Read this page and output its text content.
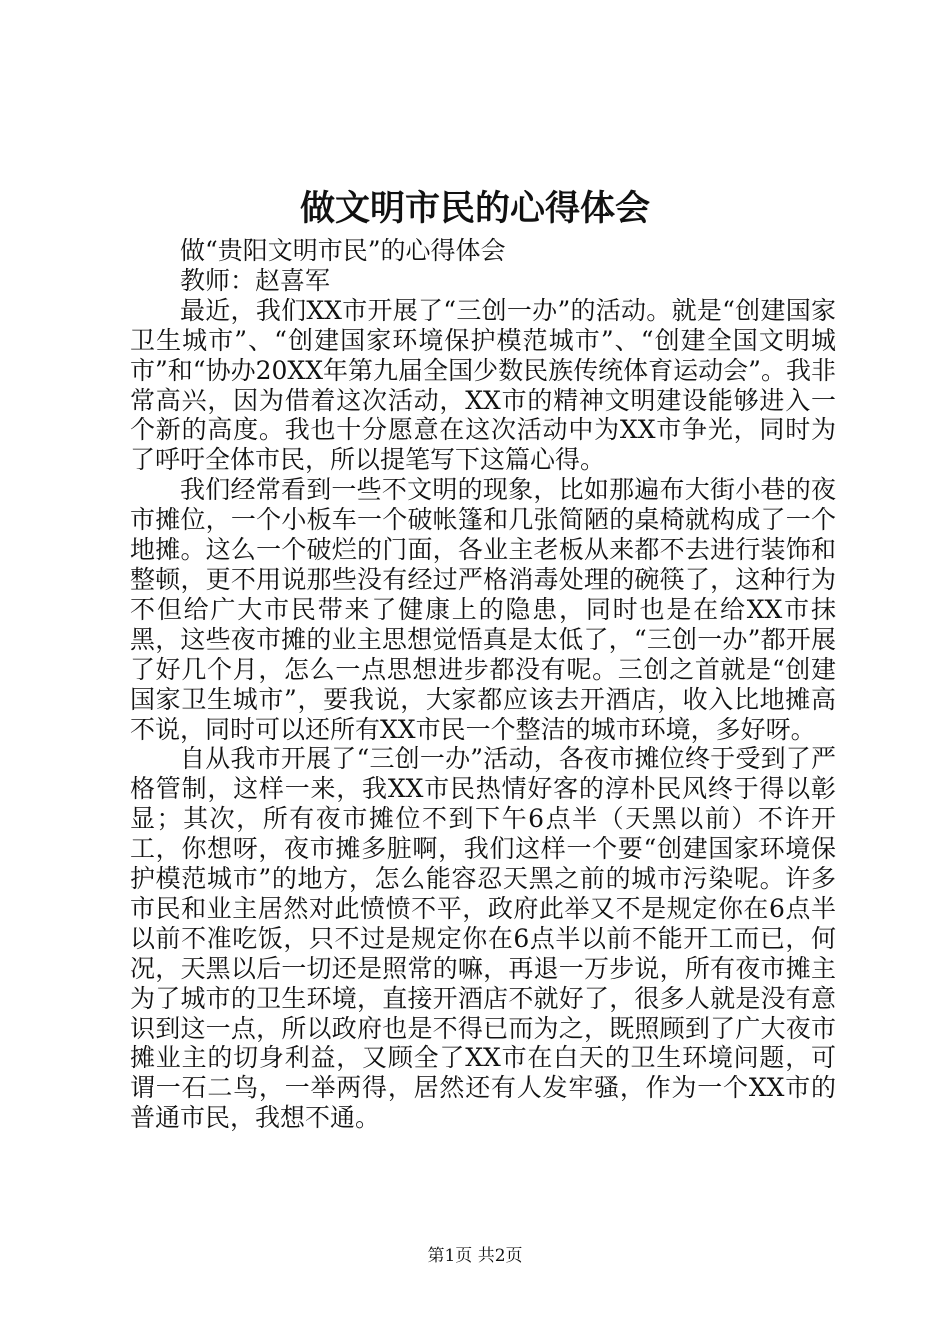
做文明市民的心得体会

做“贵阳文明市民”的心得体会

教师：赵喜军

最近，我们XX市开展了“三创一办”的活动。就是“创建国家卫生城市”、“创建国家环境保护模范城市”、“创建全国文明城市”和“协办20XX年第九届全国少数民族传统体育运动会”。我非常高兴，因为借着这次活动，XX市的精神文明建设能够进入一个新的高度。我也十分愿意在这次活动中为XX市争光，同时为了呼吁全体市民，所以提笔写下这篇心得。

我们经常看到一些不文明的现象，比如那遍布大街小巷的夜市摊位，一个小板车一个破帐篷和几张简陋的桌椅就构成了一个地摊。这么一个破烂的门面，各业主老板从来都不去进行装饰和整顿，更不用说那些没有经过严格消毒处理的碗筷了，这种行为不但给广大市民带来了健康上的隐患，同时也是在给XX市抹黑，这些夜市摊的业主思想觉悟真是太低了，“三创一办”都开展了好几个月，怎么一点思想进步都没有呢。三创之首就是“创建国家卫生城市”，要我说，大家都应该去开酒店，收入比地摊高不说，同时可以还所有XX市民一个整洁的城市环境，多好呀。

自从我市开展了“三创一办”活动，各夜市摊位终于受到了严格管制，这样一来，我XX市民热情好客的淳朴民风终于得以彰显；其次，所有夜市摊位不到下午6点半（天黑以前）不许开工，你想呀，夜市摊多脏啊，我们这样一个要“创建国家环境保护模范城市”的地方，怎么能容忍天黑之前的城市污染呢。许多市民和业主居然对此愤愤不平，政府此举又不是规定你在6点半以前不准吃饭，只不过是规定你在6点半以前不能开工而已，何况，天黑以后一切还是照常的嘛，再退一万步说，所有夜市摊主为了城市的卫生环境，直接开酒店不就好了，很多人就是没有意识到这一点，所以政府也是不得已而为之，既照顾到了广大夜市摊业主的切身利益，又顾全了XX市在白天的卫生环境问题，可谓一石二鸟，一举两得，居然还有人发牢骚，作为一个XX市的普通市民，我想不通。

第1页 共2页
